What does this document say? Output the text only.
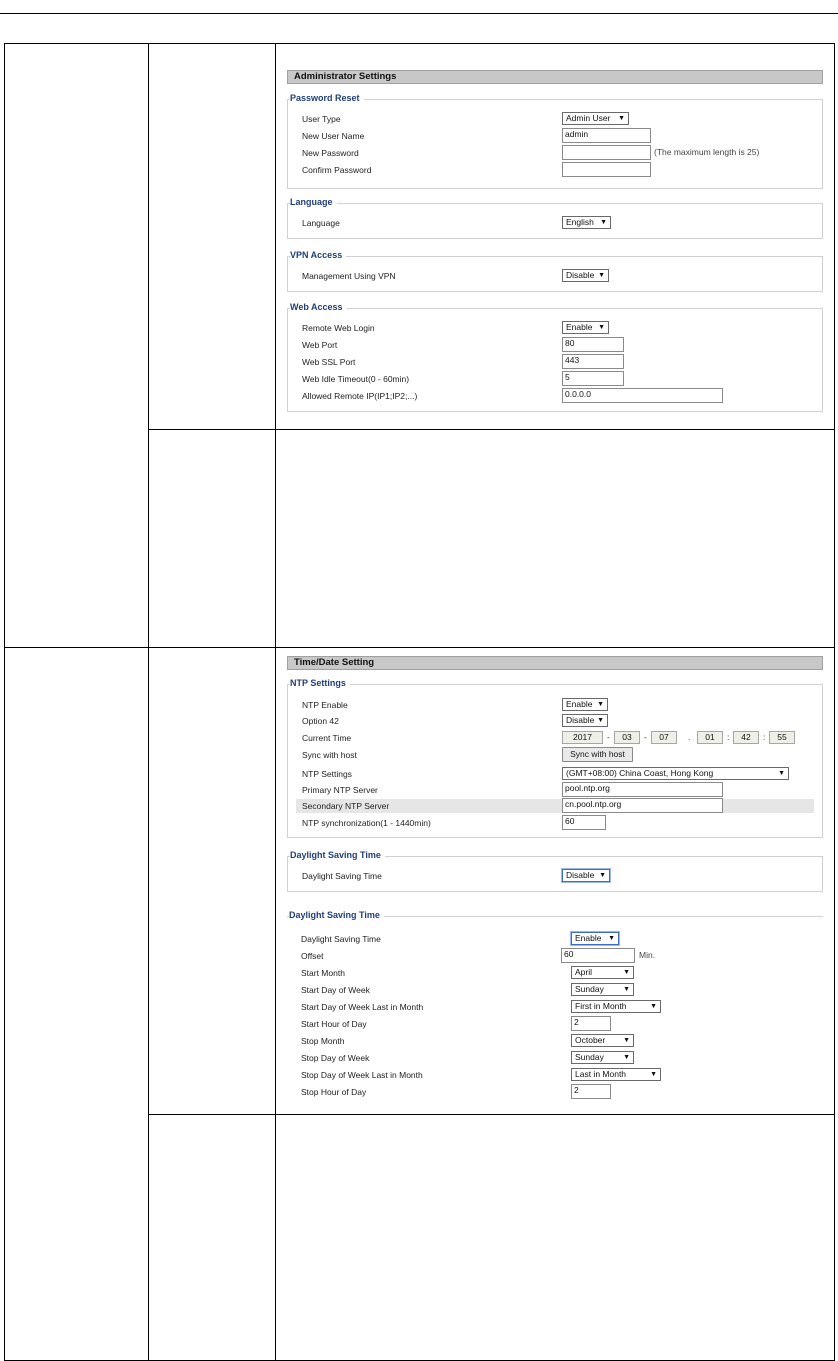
Administrator Settings
Password Reset
User Type	Admin User ▼
New User Name	admin
New Password	(The maximum length is 25)
Confirm Password
Language
Language	English ▼
VPN Access
Management Using VPN	Disable ▼
Web Access
Remote Web Login	Enable ▼
Web Port	80
Web SSL Port	443
Web Idle Timeout(0 - 60min)	5
Allowed Remote IP(IP1;IP2;...)	0.0.0.0
Time/Date Setting
NTP Settings
NTP Enable	Enable ▼
Option 42	Disable ▼
Current Time	2017	-	03	-	07	.	01	:	42	:	55
Sync with host	Sync with host
NTP Settings	(GMT+08:00) China Coast, Hong Kong	▼
Primary NTP Server	pool.ntp.org
Secondary NTP Server	cn.pool.ntp.org
NTP synchronization(1 - 1440min)	60
Daylight Saving Time
Daylight Saving Time	Disable ▼
Daylight Saving Time
Daylight Saving Time	Enable ▼
Offset	60	Min.
Start Month	April	▼
Start Day of Week	Sunday	▼
Start Day of Week Last in Month	First in Month	▼
Start Hour of Day	2
Stop Month	October	▼
Stop Day of Week	Sunday	▼
Stop Day of Week Last in Month	Last in Month	▼
Stop Hour of Day	2
